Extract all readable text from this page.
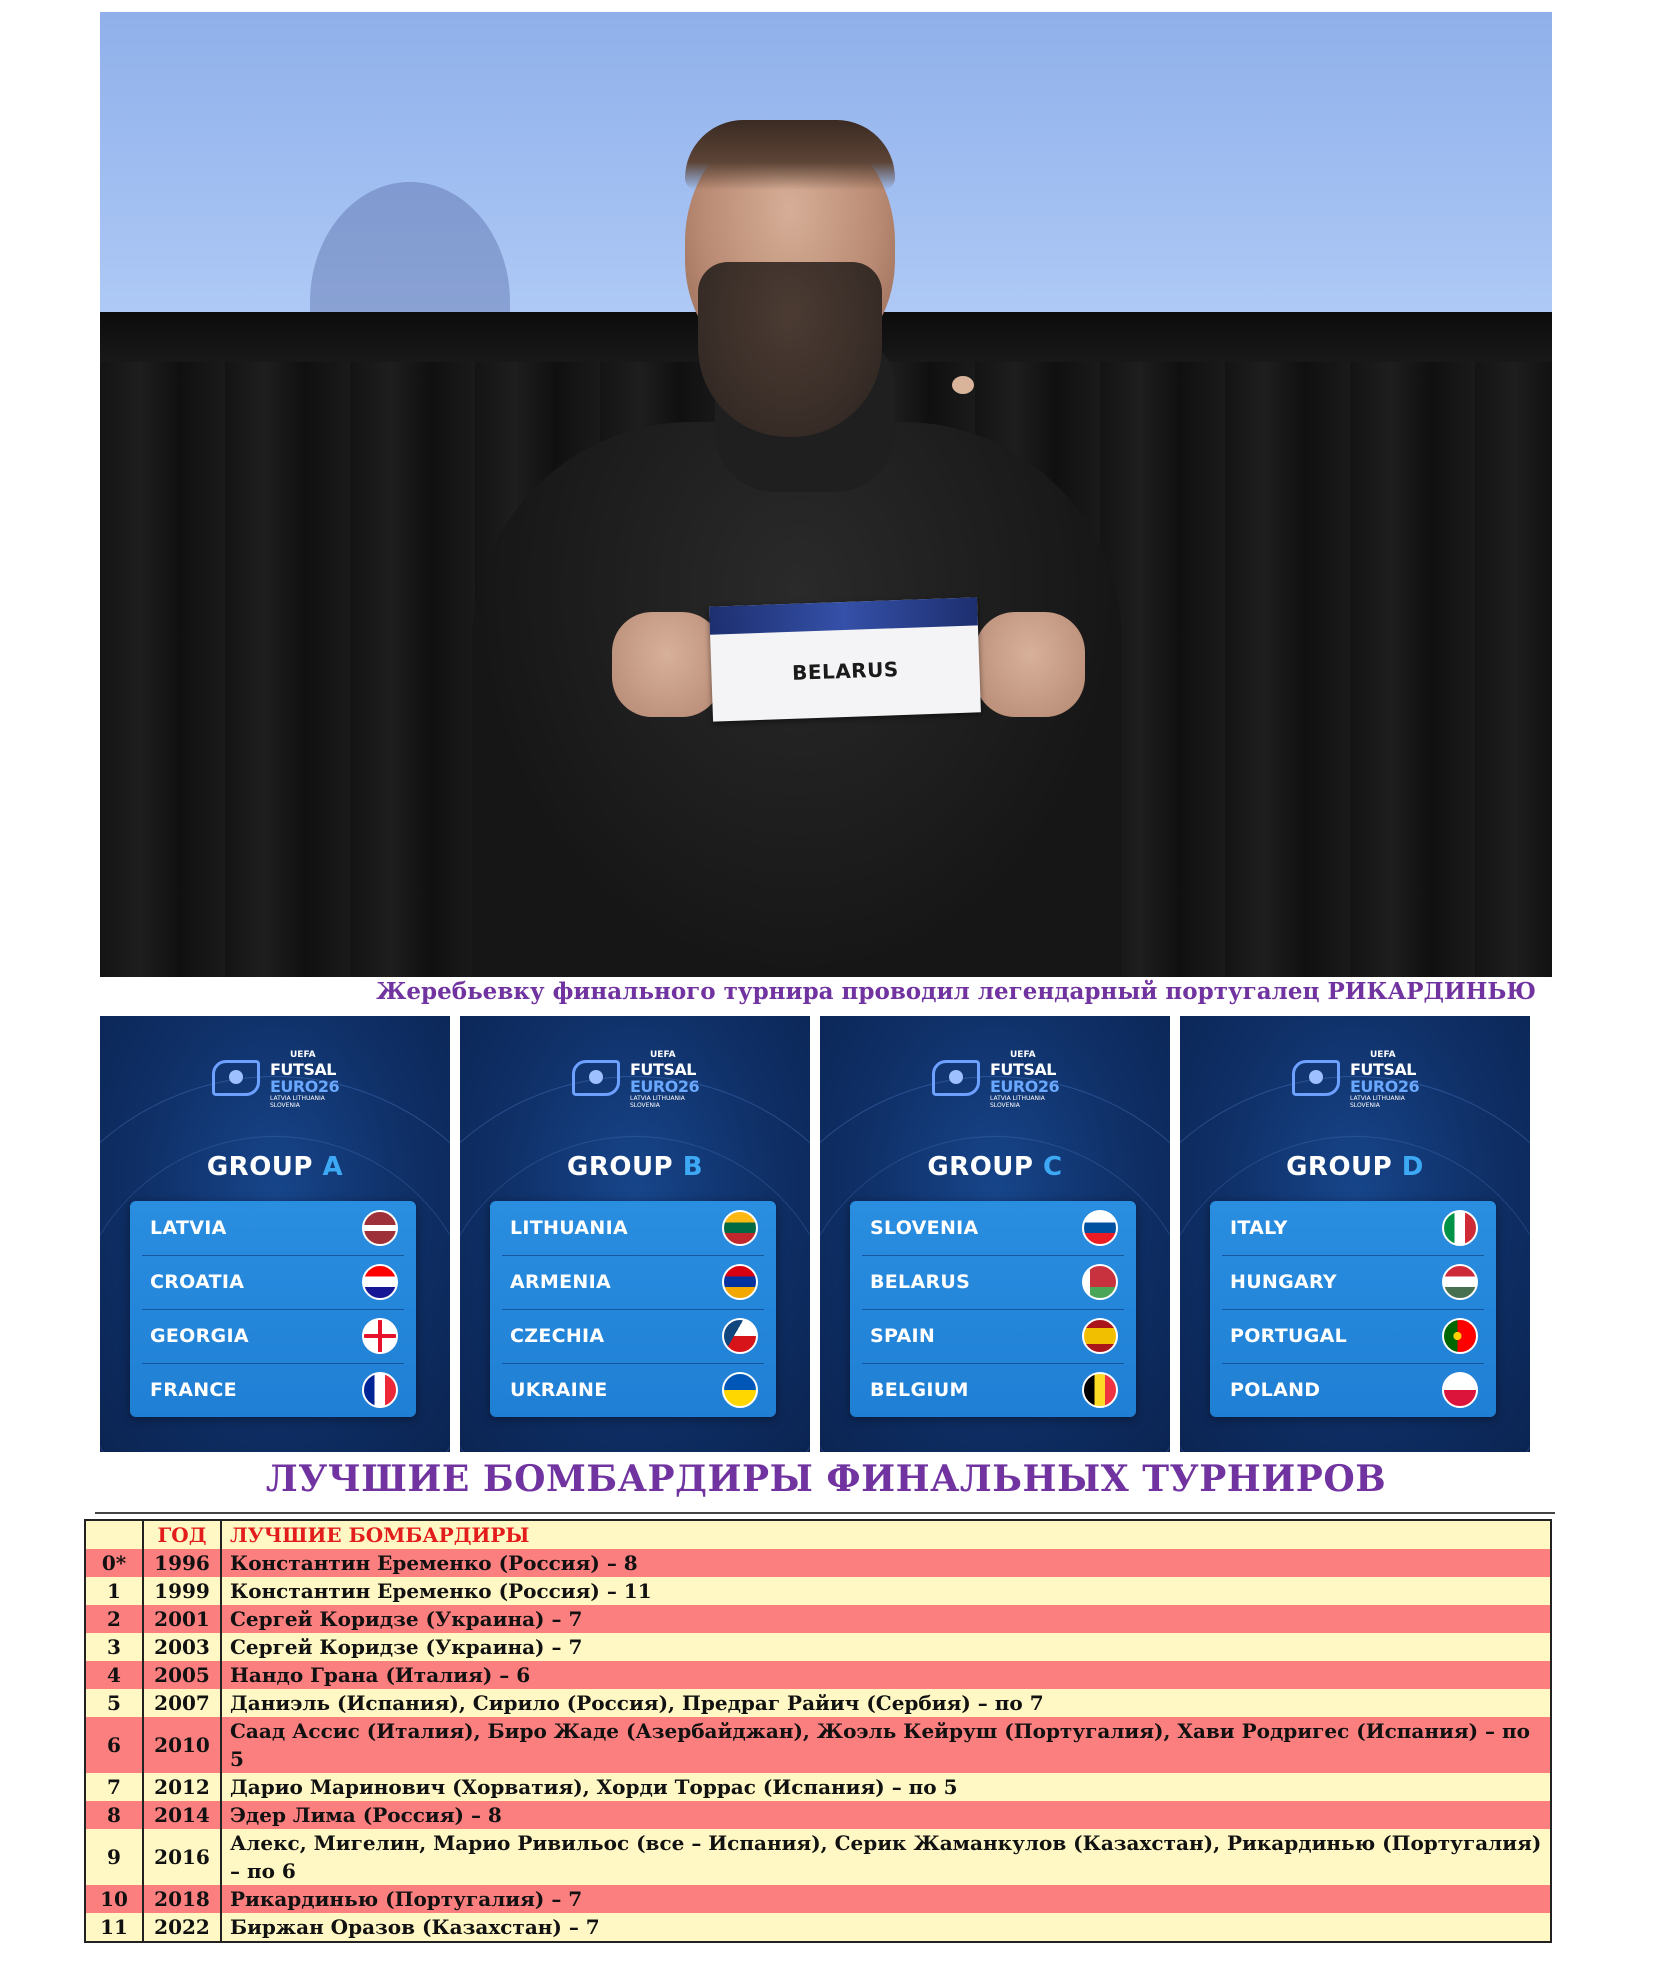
BELARUS
Жеребьевку финального турнира проводил легендарный португалец РИКАРДИНЬЮ
UEFA
FUTSAL
EURO26
LATVIA LITHUANIA SLOVENIA
GROUP A
LATVIA
CROATIA
GEORGIA
FRANCE
UEFA
FUTSAL
EURO26
LATVIA LITHUANIA SLOVENIA
GROUP B
LITHUANIA
ARMENIA
CZECHIA
UKRAINE
UEFA
FUTSAL
EURO26
LATVIA LITHUANIA SLOVENIA
GROUP C
SLOVENIA
BELARUS
SPAIN
BELGIUM
UEFA
FUTSAL
EURO26
LATVIA LITHUANIA SLOVENIA
GROUP D
ITALY
HUNGARY
PORTUGAL
POLAND
ЛУЧШИЕ БОМБАРДИРЫ ФИНАЛЬНЫХ ТУРНИРОВ
	ГОД	ЛУЧШИЕ БОМБАРДИРЫ
0*	1996	Константин Еременко (Россия) – 8
1	1999	Константин Еременко (Россия) – 11
2	2001	Сергей Коридзе (Украина) – 7
3	2003	Сергей Коридзе (Украина) – 7
4	2005	Нандо Грана (Италия) – 6
5	2007	Даниэль (Испания), Сирило (Россия), Предраг Райич (Сербия) – по 7
6	2010	Саад Ассис (Италия), Биро Жаде (Азербайджан), Жоэль Кейруш (Португалия), Хави Родригес (Испания) – по 5
7	2012	Дарио Маринович (Хорватия), Хорди Торрас (Испания) – по 5
8	2014	Эдер Лима (Россия) – 8
9	2016	Алекс, Мигелин, Марио Ривильос (все – Испания), Серик Жаманкулов (Казахстан), Рикардинью (Португалия) – по 6
10	2018	Рикардинью (Португалия) – 7
11	2022	Биржан Оразов (Казахстан) – 7
